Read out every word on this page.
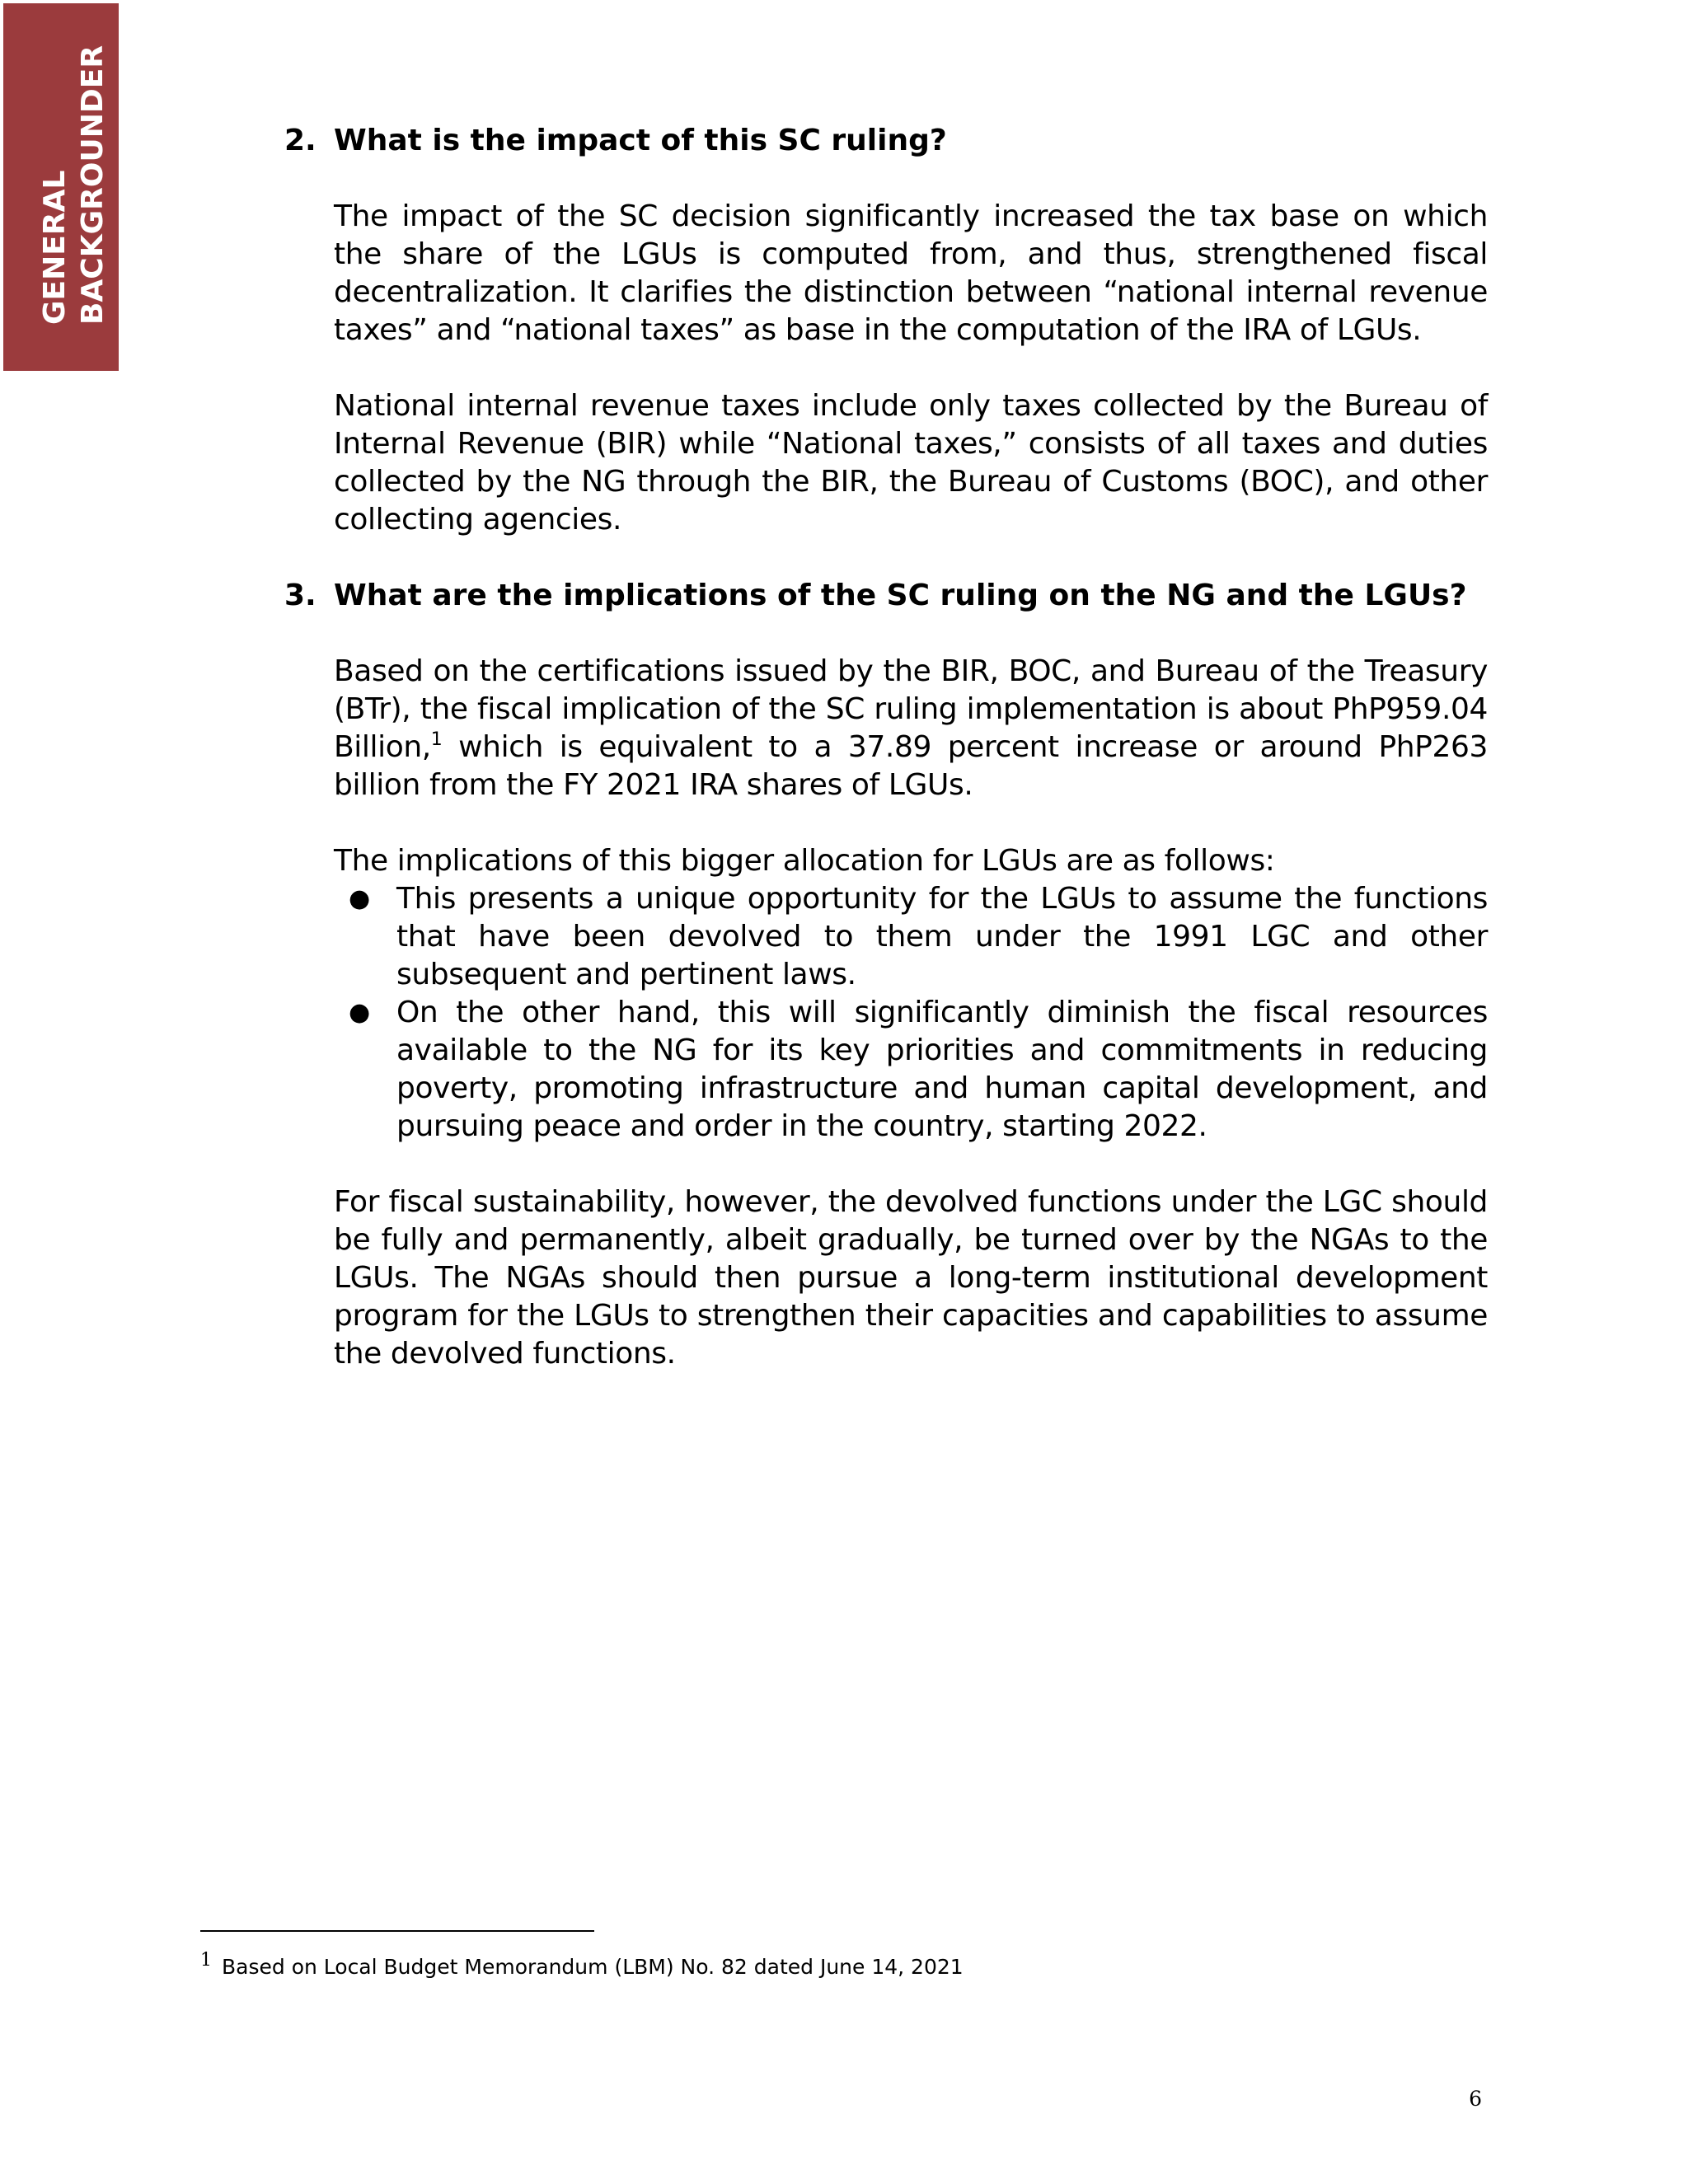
GENERAL BACKGROUNDER	2. What is the impact of this SC ruling?

The impact of the SC decision significantly increased the tax base on which the share of the LGUs is computed from, and thus, strengthened fiscal decentralization. It clarifies the distinction between “national internal revenue taxes” and “national taxes” as base in the computation of the IRA of LGUs.

National internal revenue taxes include only taxes collected by the Bureau of Internal Revenue (BIR) while “National taxes,” consists of all taxes and duties collected by the NG through the BIR, the Bureau of Customs (BOC), and other collecting agencies.

3. What are the implications of the SC ruling on the NG and the LGUs?

Based on the certifications issued by the BIR, BOC, and Bureau of the Treasury (BTr), the fiscal implication of the SC ruling implementation is about PhP959.04 Billion,$^1$ which is equivalent to a 37.89 percent increase or around PhP263 billion from the FY 2021 IRA shares of LGUs.

The implications of this bigger allocation for LGUs are as follows:

● This presents a unique opportunity for the LGUs to assume the functions that have been devolved to them under the 1991 LGC and other subsequent and pertinent laws.
● On the other hand, this will significantly diminish the fiscal resources available to the NG for its key priorities and commitments in reducing poverty, promoting infrastructure and human capital development, and pursuing peace and order in the country, starting 2022.

For fiscal sustainability, however, the devolved functions under the LGC should be fully and permanently, albeit gradually, be turned over by the NGAs to the LGUs. The NGAs should then pursue a long-term institutional development program for the LGUs to strengthen their capacities and capabilities to assume the devolved functions.

1 Based on Local Budget Memorandum (LBM) No. 82 dated June 14, 2021
6
